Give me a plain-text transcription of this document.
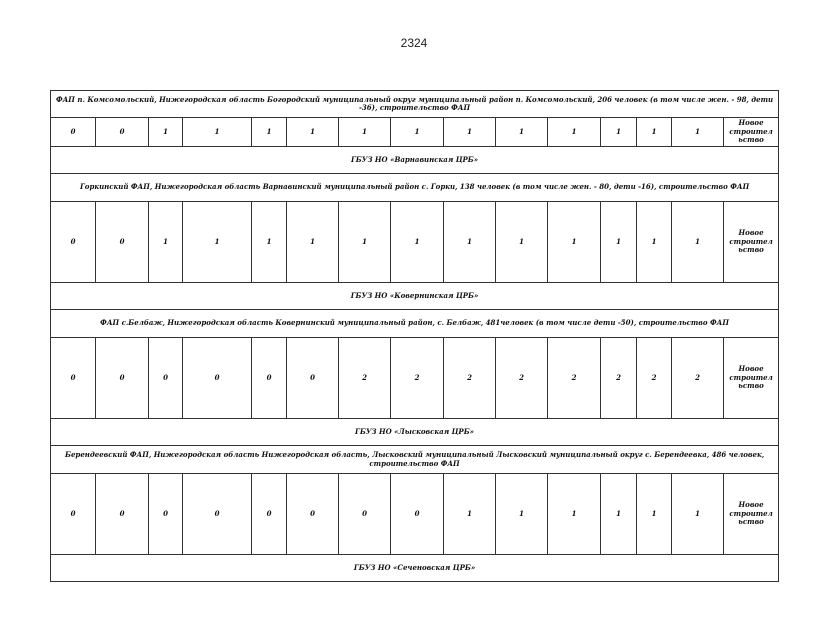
2324
ФАП п. Комсомольский, Нижегородская область Богородский муниципальный округ муниципальный район п. Комсомольский, 206 человек (в том числе жен. - 98, дети -36), строительство ФАП														
0	0	1	1	1	1	1	1	1	1	1	1	1	1	Новое строител ьство
ГБУЗ НО «Варнавинская ЦРБ»														
Горкинский ФАП, Нижегородская область Варнавинский муниципальный район с. Горки, 138 человек (в том числе жен. - 80, дети -16), строительство ФАП														
0	0	1	1	1	1	1	1	1	1	1	1	1	1	Новое строител ьство
ГБУЗ НО «Ковернинская ЦРБ»														
ФАП с.Белбаж, Нижегородская область Ковернинский муниципальный район, с. Белбаж, 481человек (в том числе дети -50), строительство ФАП														
0	0	0	0	0	0	2	2	2	2	2	2	2	2	Новое строител ьство
ГБУЗ НО «Лысковская ЦРБ»														
Берендеевский ФАП, Нижегородская область Нижегородская область, Лысковский муниципальный Лысковский муниципальный округ с. Берендеевка, 486 человек, строительство ФАП														
0	0	0	0	0	0	0	0	1	1	1	1	1	1	Новое строител ьство
ГБУЗ НО «Сеченовская ЦРБ»														
